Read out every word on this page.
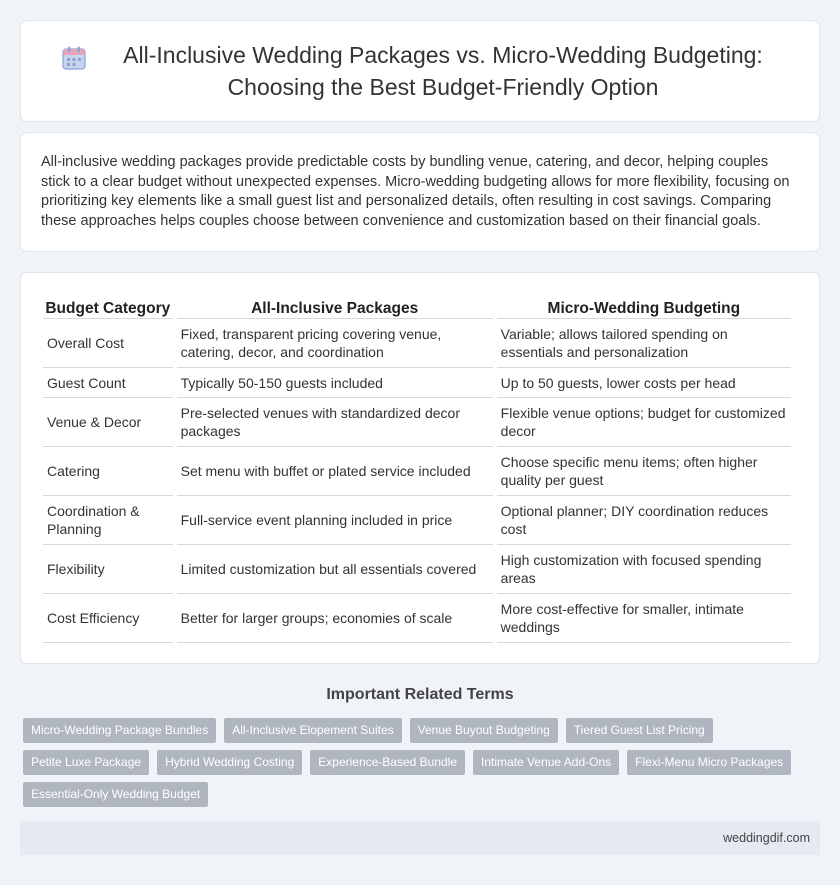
All-Inclusive Wedding Packages vs. Micro-Wedding Budgeting: Choosing the Best Budget-Friendly Option

All-inclusive wedding packages provide predictable costs by bundling venue, catering, and decor, helping couples stick to a clear budget without unexpected expenses. Micro-wedding budgeting allows for more flexibility, focusing on prioritizing key elements like a small guest list and personalized details, often resulting in cost savings. Comparing these approaches helps couples choose between convenience and customization based on their financial goals.

Budget Category	All-Inclusive Packages	Micro-Wedding Budgeting
Overall Cost	Fixed, transparent pricing covering venue, catering, decor, and coordination	Variable; allows tailored spending on essentials and personalization
Guest Count	Typically 50-150 guests included	Up to 50 guests, lower costs per head
Venue & Decor	Pre-selected venues with standardized decor packages	Flexible venue options; budget for customized decor
Catering	Set menu with buffet or plated service included	Choose specific menu items; often higher quality per guest
Coordination & Planning	Full-service event planning included in price	Optional planner; DIY coordination reduces cost
Flexibility	Limited customization but all essentials covered	High customization with focused spending areas
Cost Efficiency	Better for larger groups; economies of scale	More cost-effective for smaller, intimate weddings
Important Related Terms
Micro-Wedding Package Bundles	All-Inclusive Elopement Suites	Venue Buyout Budgeting	Tiered Guest List Pricing
Petite Luxe Package	Hybrid Wedding Costing	Experience-Based Bundle	Intimate Venue Add-Ons	Flexi-Menu Micro Packages
Essential-Only Wedding Budget
weddingdif.com
